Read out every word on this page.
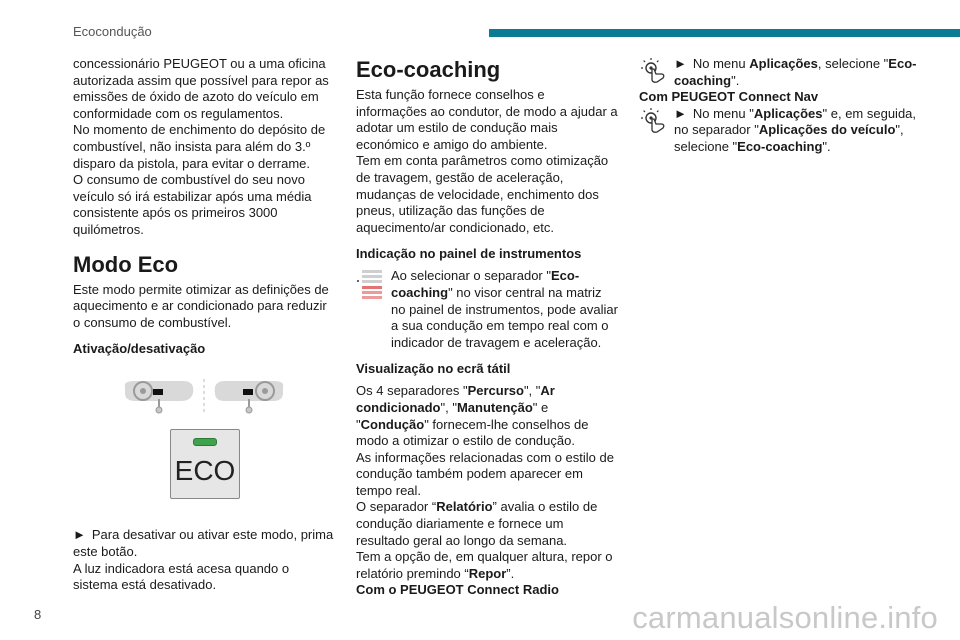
Ecocondução

concessionário PEUGEOT ou a uma oficina autorizada assim que possível para repor as emissões de óxido de azoto do veículo em conformidade com os regulamentos.

No momento de enchimento do depósito de combustível, não insista para além do 3.º disparo da pistola, para evitar o derrame.

O consumo de combustível do seu novo veículo só irá estabilizar após uma média consistente após os primeiros 3000 quilómetros.

Modo Eco

Este modo permite otimizar as definições de aquecimento e ar condicionado para reduzir o consumo de combustível.

Ativação/desativação
ECO

► Para desativar ou ativar este modo, prima este botão.

A luz indicadora está acesa quando o sistema está desativado.

Eco-coaching

Esta função fornece conselhos e informações ao condutor, de modo a ajudar a adotar um estilo de condução mais económico e amigo do ambiente.

Tem em conta parâmetros como otimização de travagem, gestão de aceleração, mudanças de velocidade, enchimento dos pneus, utilização das funções de aquecimento/ar condicionado, etc.

Indicação no painel de instrumentos
Ao selecionar o separador "Eco-coaching" no visor central na matriz no painel de instrumentos, pode avaliar a sua condução em tempo real com o indicador de travagem e aceleração.
Visualização no ecrã tátil

Os 4 separadores "Percurso", "Ar condicionado", "Manutenção" e "Condução" fornecem-lhe conselhos de modo a otimizar o estilo de condução.

As informações relacionadas com o estilo de condução também podem aparecer em tempo real.

O separador “Relatório” avalia o estilo de condução diariamente e fornece um resultado geral ao longo da semana.

Tem a opção de, em qualquer altura, repor o relatório premindo “Repor”.

Com o PEUGEOT Connect Radio

► No menu Aplicações, selecione "Eco-coaching".

Com PEUGEOT Connect Nav

► No menu "Aplicações" e, em seguida, no separador "Aplicações do veículo", selecione "Eco-coaching".
8	carmanualsonline.info
